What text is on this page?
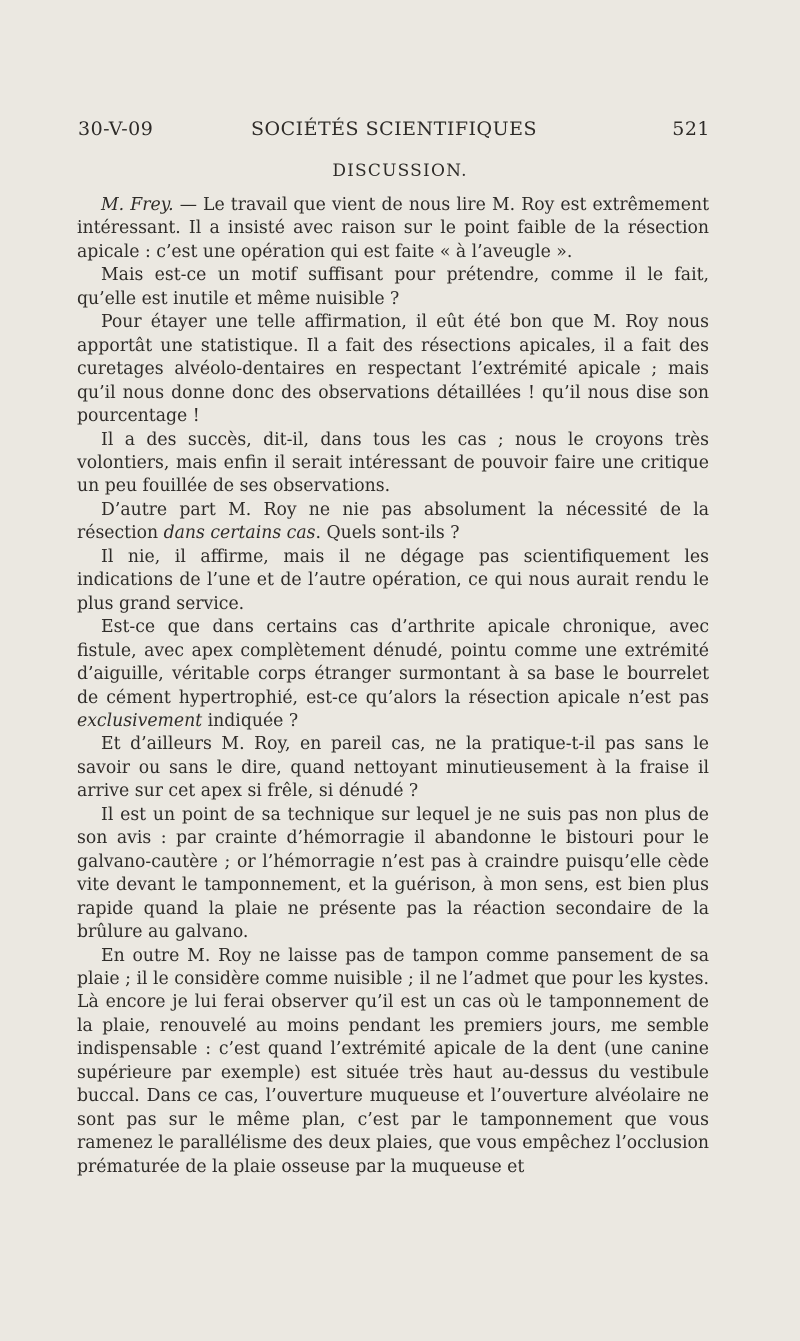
30-V-09	SOCIÉTÉS SCIENTIFIQUES	521
DISCUSSION.

M. Frey. — Le travail que vient de nous lire M. Roy est extrêmement intéressant. Il a insisté avec raison sur le point faible de la résection apicale : c’est une opération qui est faite « à l’aveugle ».

Mais est-ce un motif suffisant pour prétendre, comme il le fait, qu’elle est inutile et même nuisible ?

Pour étayer une telle affirmation, il eût été bon que M. Roy nous apportât une statistique. Il a fait des résections apicales, il a fait des curetages alvéolo-dentaires en respectant l’extrémité apicale ; mais qu’il nous donne donc des observations détaillées ! qu’il nous dise son pourcentage !

Il a des succès, dit-il, dans tous les cas ; nous le croyons très volontiers, mais enfin il serait intéressant de pouvoir faire une critique un peu fouillée de ses observations.

D’autre part M. Roy ne nie pas absolument la nécessité de la résection dans certains cas. Quels sont-ils ?

Il nie, il affirme, mais il ne dégage pas scientifiquement les indications de l’une et de l’autre opération, ce qui nous aurait rendu le plus grand service.

Est-ce que dans certains cas d’arthrite apicale chronique, avec fistule, avec apex complètement dénudé, pointu comme une extrémité d’aiguille, véritable corps étranger surmontant à sa base le bourrelet de cément hypertrophié, est-ce qu’alors la résection apicale n’est pas exclusivement indiquée ?

Et d’ailleurs M. Roy, en pareil cas, ne la pratique-t-il pas sans le savoir ou sans le dire, quand nettoyant minutieusement à la fraise il arrive sur cet apex si frêle, si dénudé ?

Il est un point de sa technique sur lequel je ne suis pas non plus de son avis : par crainte d’hémorragie il abandonne le bistouri pour le galvano-cautère ; or l’hémorragie n’est pas à craindre puisqu’elle cède vite devant le tamponnement, et la guérison, à mon sens, est bien plus rapide quand la plaie ne présente pas la réaction secondaire de la brûlure au galvano.

En outre M. Roy ne laisse pas de tampon comme pansement de sa plaie ; il le considère comme nuisible ; il ne l’admet que pour les kystes. Là encore je lui ferai observer qu’il est un cas où le tamponnement de la plaie, renouvelé au moins pendant les premiers jours, me semble indispensable : c’est quand l’extrémité apicale de la dent (une canine supérieure par exemple) est située très haut au-dessus du vestibule buccal. Dans ce cas, l’ouverture muqueuse et l’ouverture alvéolaire ne sont pas sur le même plan, c’est par le tamponnement que vous ramenez le parallélisme des deux plaies, que vous empêchez l’occlusion prématurée de la plaie osseuse par la muqueuse et
